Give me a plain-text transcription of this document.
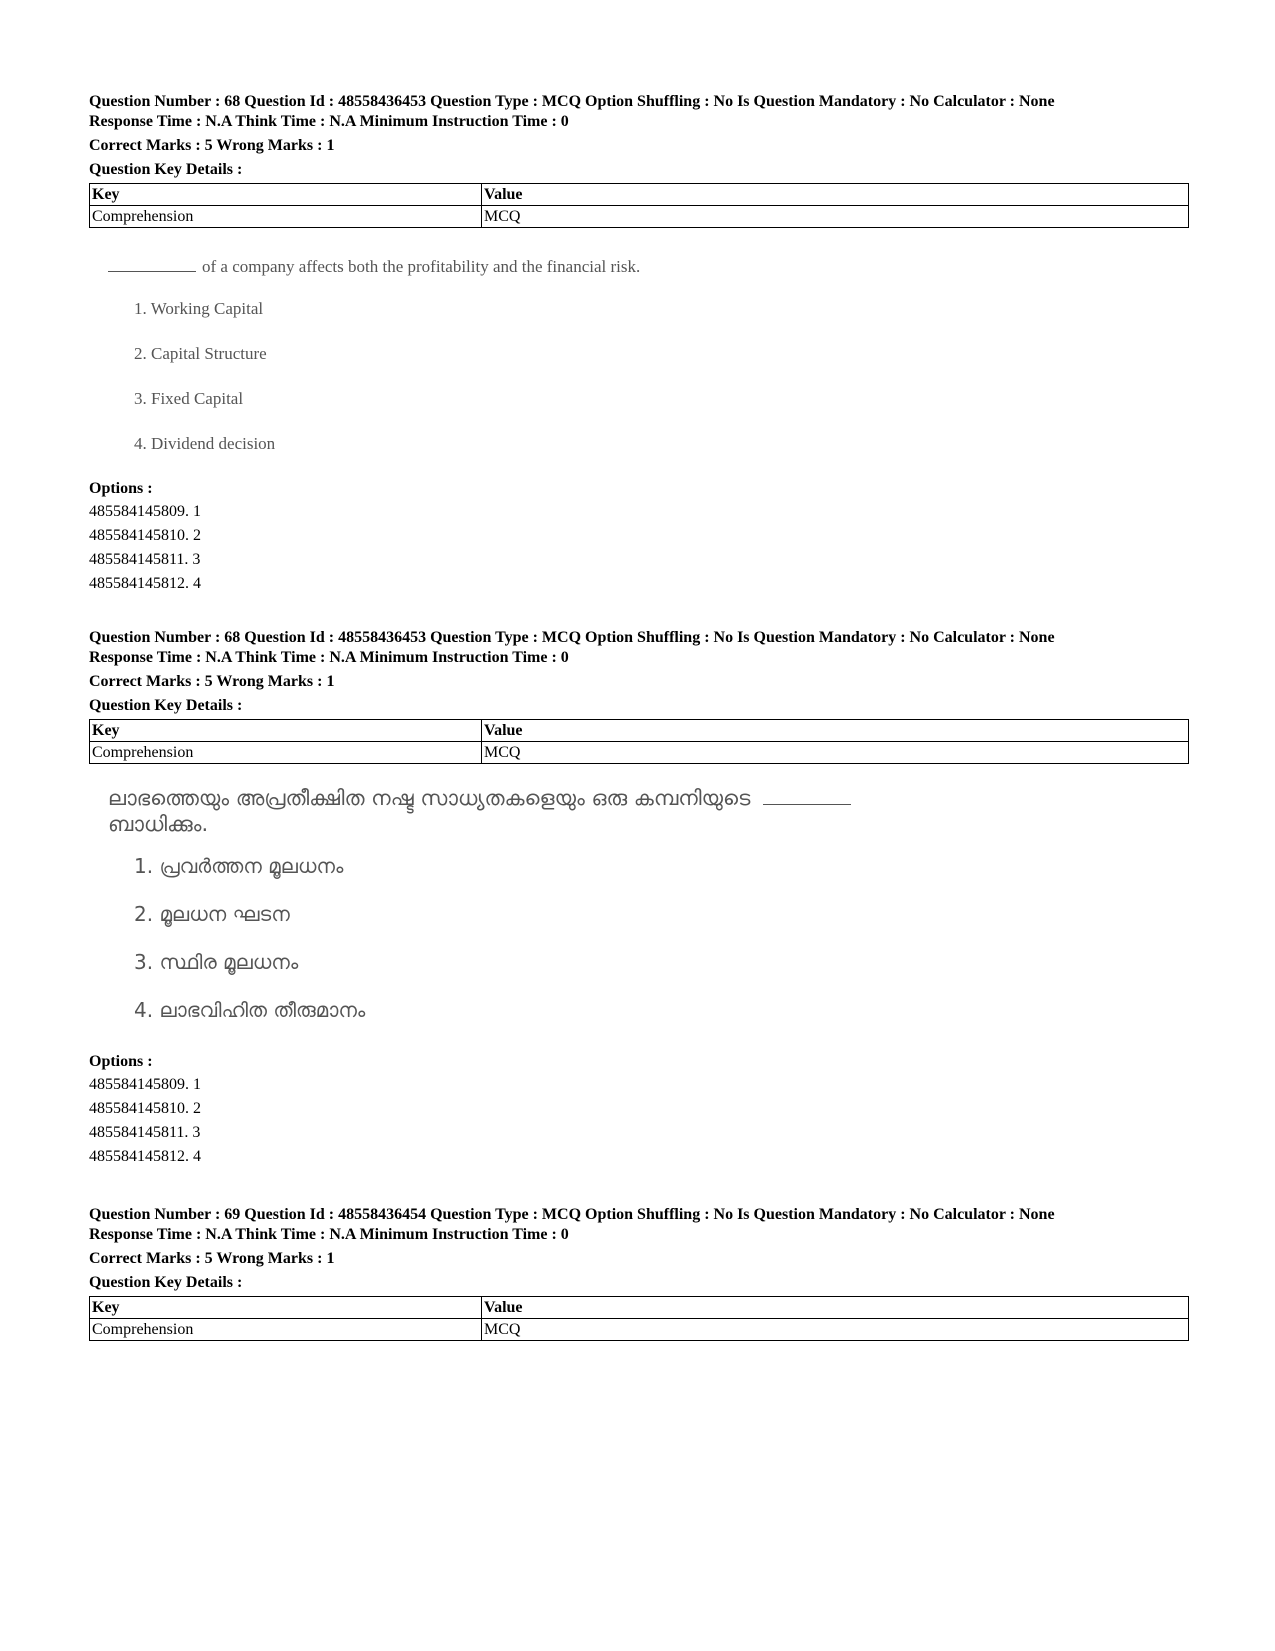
Question Number : 68 Question Id : 48558436453 Question Type : MCQ Option Shuffling : No Is Question Mandatory : No Calculator : None
Response Time : N.A Think Time : N.A Minimum Instruction Time : 0
Correct Marks : 5 Wrong Marks : 1
Question Key Details :
Key	Value
Comprehension	MCQ
of a company affects both the profitability and the financial risk.
1. Working Capital
2. Capital Structure
3. Fixed Capital
4. Dividend decision
Options :
485584145809. 1
485584145810. 2
485584145811. 3
485584145812. 4
Question Number : 68 Question Id : 48558436453 Question Type : MCQ Option Shuffling : No Is Question Mandatory : No Calculator : None
Response Time : N.A Think Time : N.A Minimum Instruction Time : 0
Correct Marks : 5 Wrong Marks : 1
Question Key Details :
Key	Value
Comprehension	MCQ
ലാഭത്തെയും അപ്രതീക്ഷിത നഷ്ട സാധ്യതകളെയും ഒരു കമ്പനിയുടെ
ബാധിക്കും.
1. പ്രവർത്തന മൂലധനം
2. മൂലധന ഘടന
3. സ്ഥിര മൂലധനം
4. ലാഭവിഹിത തീരുമാനം
Options :
485584145809. 1
485584145810. 2
485584145811. 3
485584145812. 4
Question Number : 69 Question Id : 48558436454 Question Type : MCQ Option Shuffling : No Is Question Mandatory : No Calculator : None
Response Time : N.A Think Time : N.A Minimum Instruction Time : 0
Correct Marks : 5 Wrong Marks : 1
Question Key Details :
Key	Value
Comprehension	MCQ
